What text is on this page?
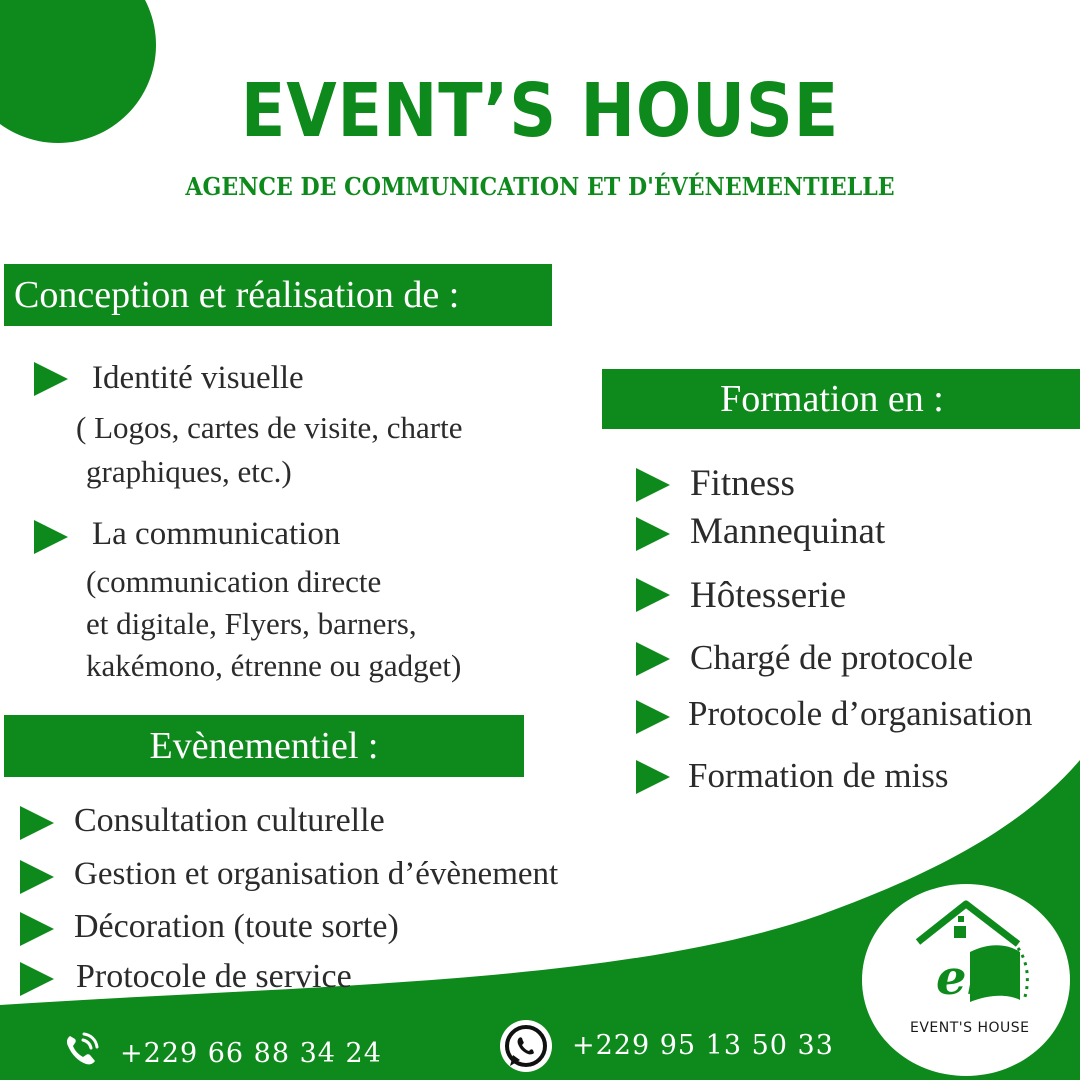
EVENT’S HOUSE
AGENCE DE COMMUNICATION ET D'ÉVÉNEMENTIELLE
Conception et réalisation de :
Identité visuelle
( Logos, cartes de visite, charte
graphiques, etc.)
La communication
(communication directe
et digitale, Flyers, barners,
kakémono, étrenne ou gadget)
Formation en :
Fitness
Mannequinat
Hôtesserie
Chargé de protocole
Protocole d’organisation
Formation de miss
Evènementiel :
Consultation culturelle
Gestion et organisation d’évènement
Décoration (toute sorte)
Protocole de service
+229 66 88 34 24	+229 95 13 50 33
eh
EVENT'S HOUSE
